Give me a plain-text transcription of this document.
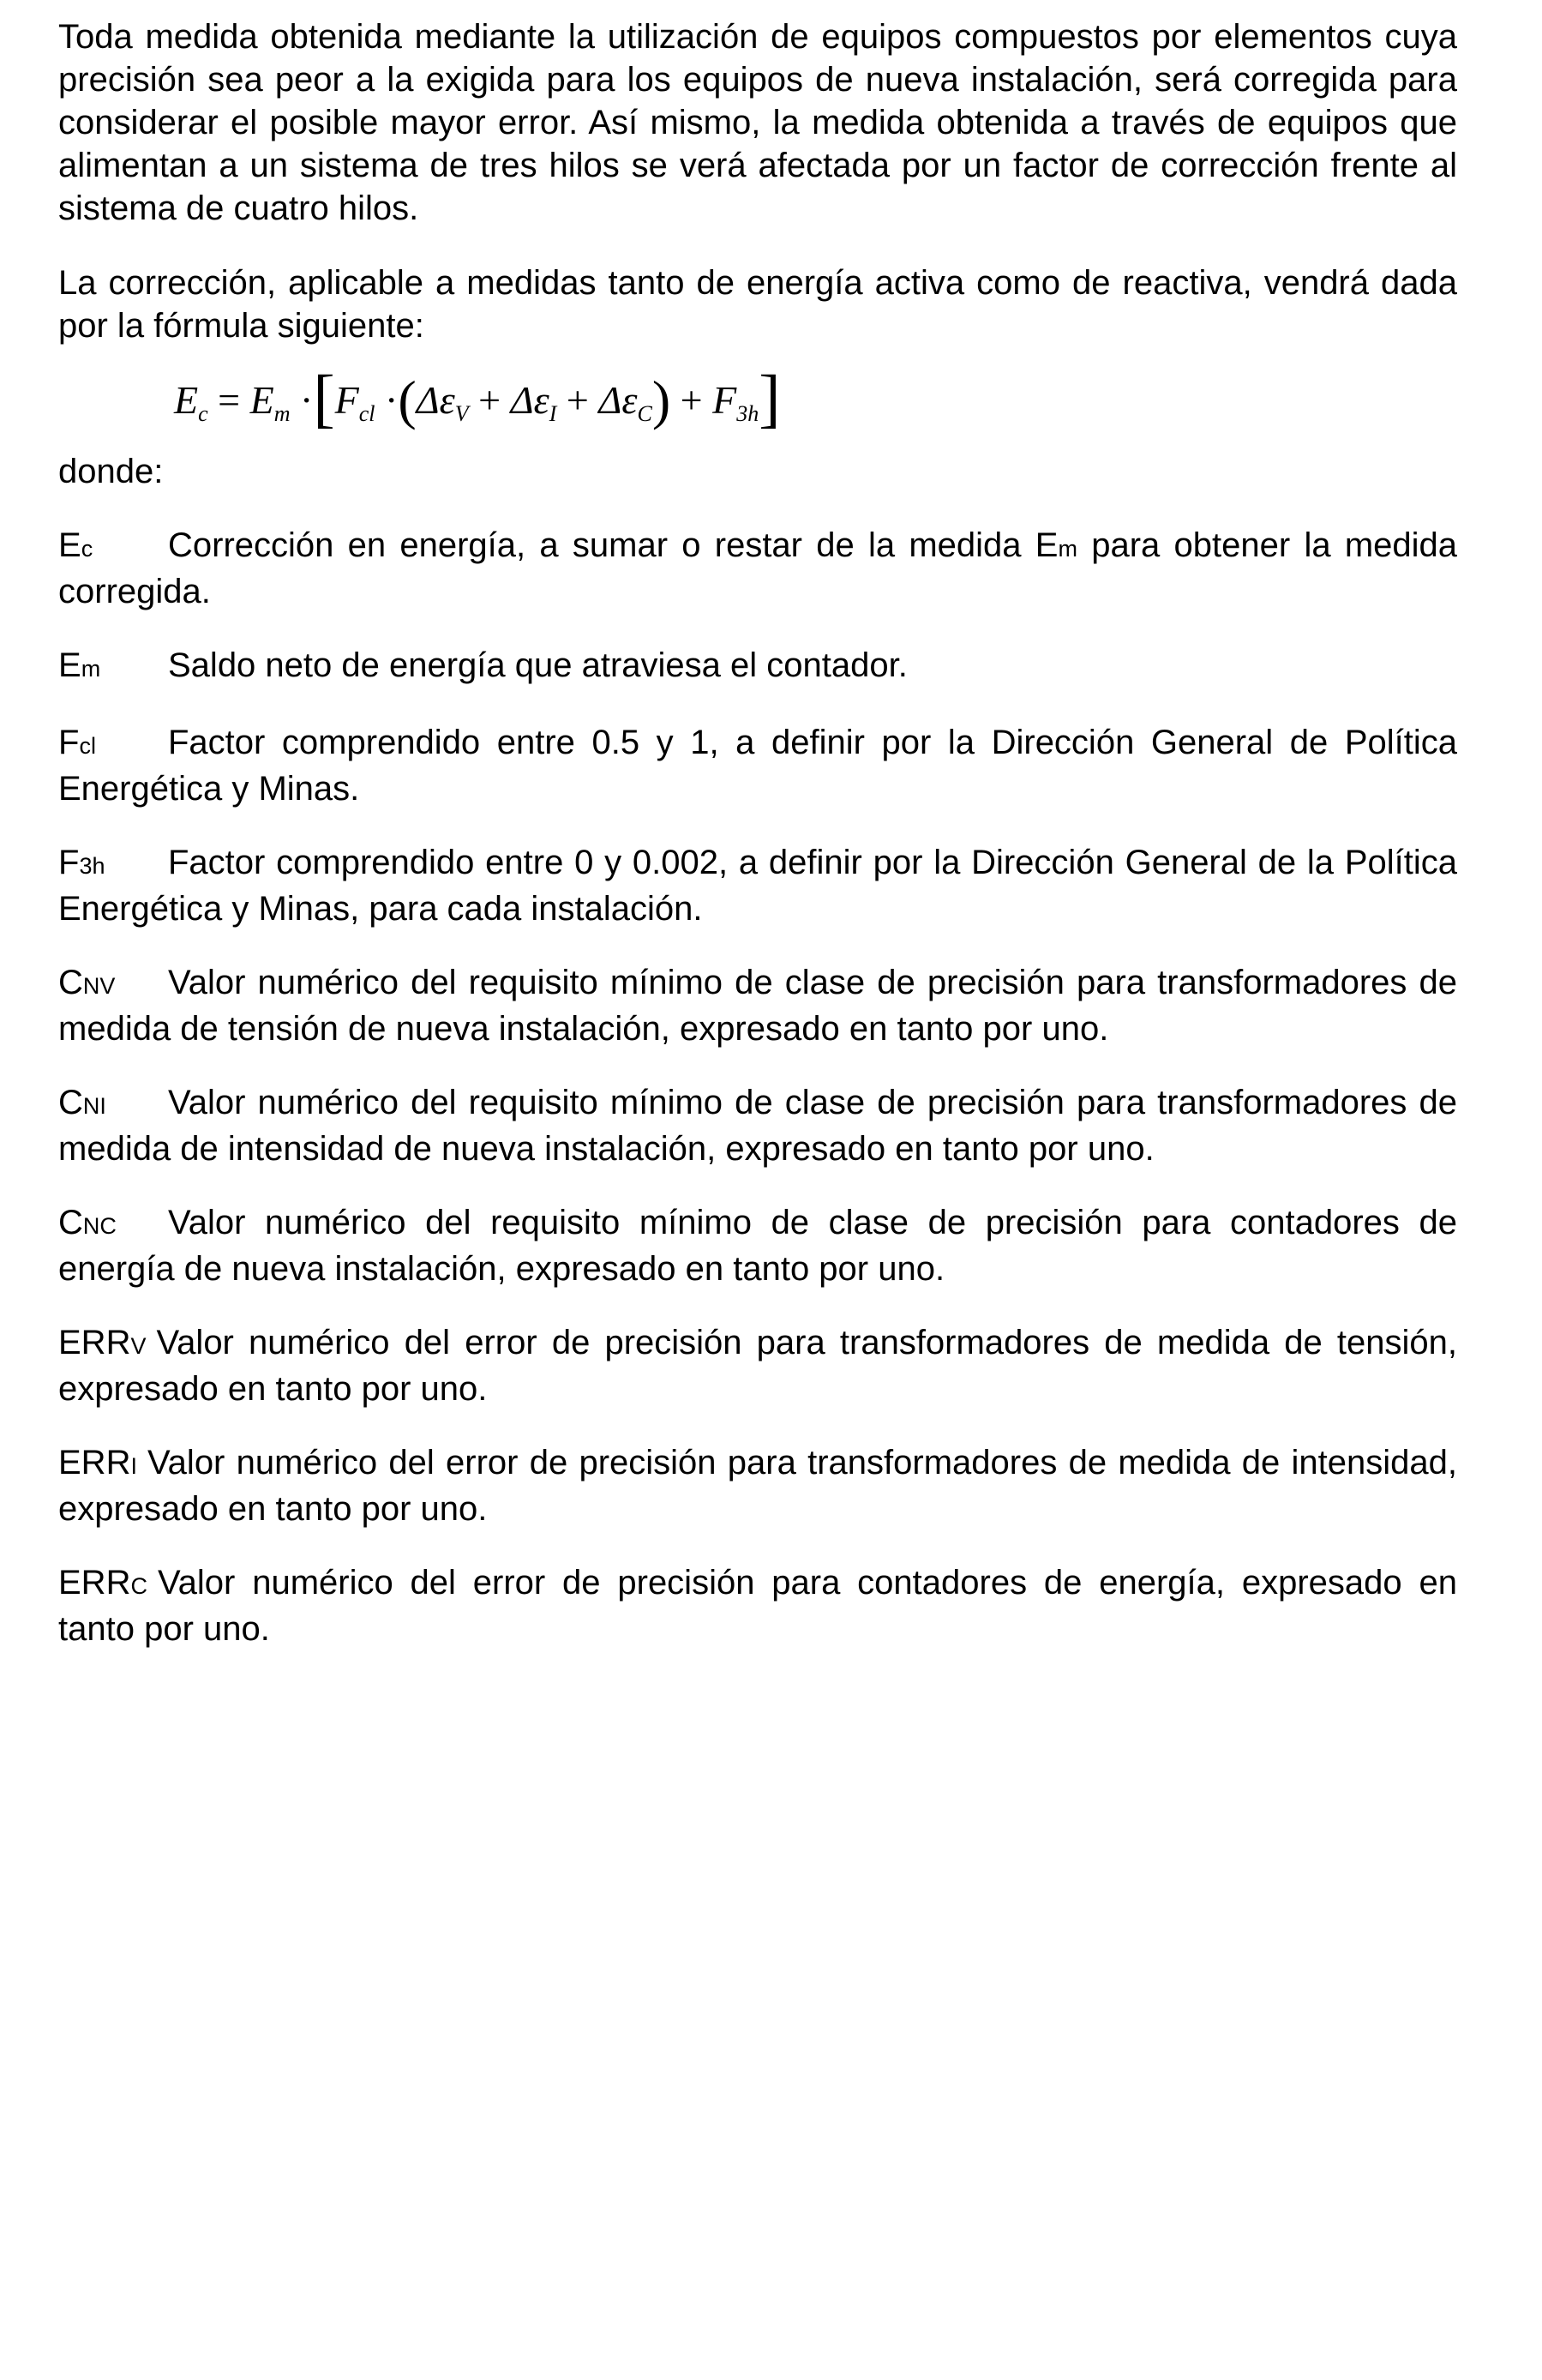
Toda medida obtenida mediante la utilización de equipos compuestos por elementos cuya precisión sea peor a la exigida para los equipos de nueva instalación, será corregida para considerar el posible mayor error. Así mismo, la medida obtenida a través de equipos que alimentan a un sistema de tres hilos se verá afectada por un factor de corrección frente al sistema de cuatro hilos.

La corrección, aplicable a medidas tanto de energía activa como de reactiva, vendrá dada por la fórmula siguiente:

$E_c = E_m \cdot[F_{cl} \cdot(\Delta\varepsilon_V + \Delta\varepsilon_I + \Delta\varepsilon_C) + F_{3h}]$

donde:

Ec Corrección en energía, a sumar o restar de la medida Em para obtener la medida corregida.

Em Saldo neto de energía que atraviesa el contador.

Fcl Factor comprendido entre 0.5 y 1, a definir por la Dirección General de Política Energética y Minas.

F3h Factor comprendido entre 0 y 0.002, a definir por la Dirección General de la Política Energética y Minas, para cada instalación.

CNV Valor numérico del requisito mínimo de clase de precisión para transformadores de medida de tensión de nueva instalación, expresado en tanto por uno.

CNI Valor numérico del requisito mínimo de clase de precisión para transformadores de medida de intensidad de nueva instalación, expresado en tanto por uno.

CNC Valor numérico del requisito mínimo de clase de precisión para contadores de energía de nueva instalación, expresado en tanto por uno.

ERRV Valor numérico del error de precisión para transformadores de medida de tensión, expresado en tanto por uno.

ERRI Valor numérico del error de precisión para transformadores de medida de intensidad, expresado en tanto por uno.

ERRC Valor numérico del error de precisión para contadores de energía, expresado en tanto por uno.
